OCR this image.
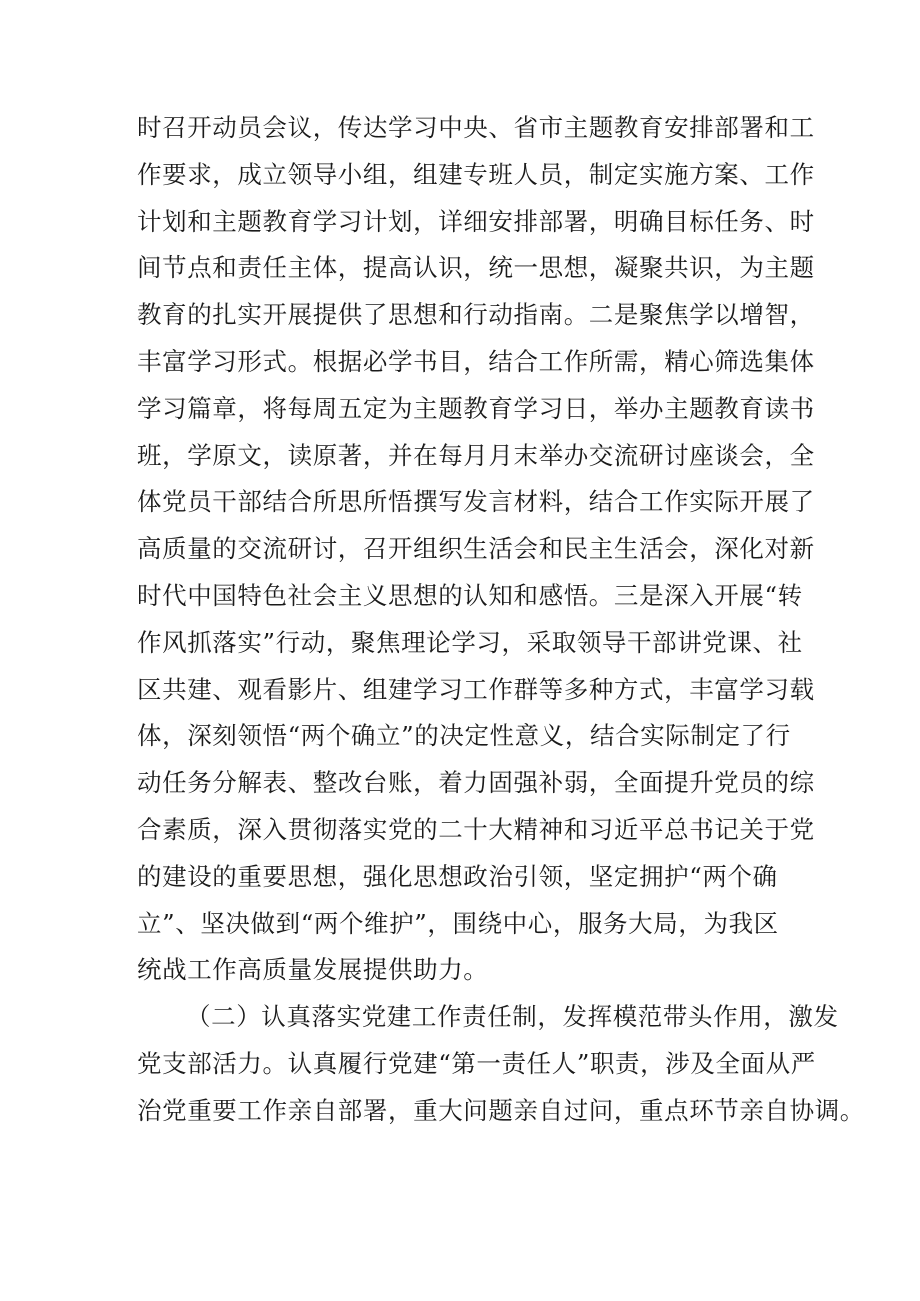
时召开动员会议，传达学习中央、省市主题教育安排部署和工
作要求，成立领导小组，组建专班人员，制定实施方案、工作
计划和主题教育学习计划，详细安排部署，明确目标任务、时
间节点和责任主体，提高认识，统一思想，凝聚共识，为主题
教育的扎实开展提供了思想和行动指南。二是聚焦学以增智，
丰富学习形式。根据必学书目，结合工作所需，精心筛选集体
学习篇章，将每周五定为主题教育学习日，举办主题教育读书
班，学原文，读原著，并在每月月末举办交流研讨座谈会，全
体党员干部结合所思所悟撰写发言材料，结合工作实际开展了
高质量的交流研讨，召开组织生活会和民主生活会，深化对新
时代中国特色社会主义思想的认知和感悟。三是深入开展“转
作风抓落实”行动，聚焦理论学习，采取领导干部讲党课、社
区共建、观看影片、组建学习工作群等多种方式，丰富学习载
体，深刻领悟“两个确立”的决定性意义，结合实际制定了行
动任务分解表、整改台账，着力固强补弱，全面提升党员的综
合素质，深入贯彻落实党的二十大精神和习近平总书记关于党
的建设的重要思想，强化思想政治引领，坚定拥护“两个确
立”、坚决做到“两个维护”，围绕中心，服务大局，为我区
统战工作高质量发展提供助力。
（二）认真落实党建工作责任制，发挥模范带头作用，激发
党支部活力。认真履行党建“第一责任人”职责，涉及全面从严
治党重要工作亲自部署，重大问题亲自过问，重点环节亲自协调。
